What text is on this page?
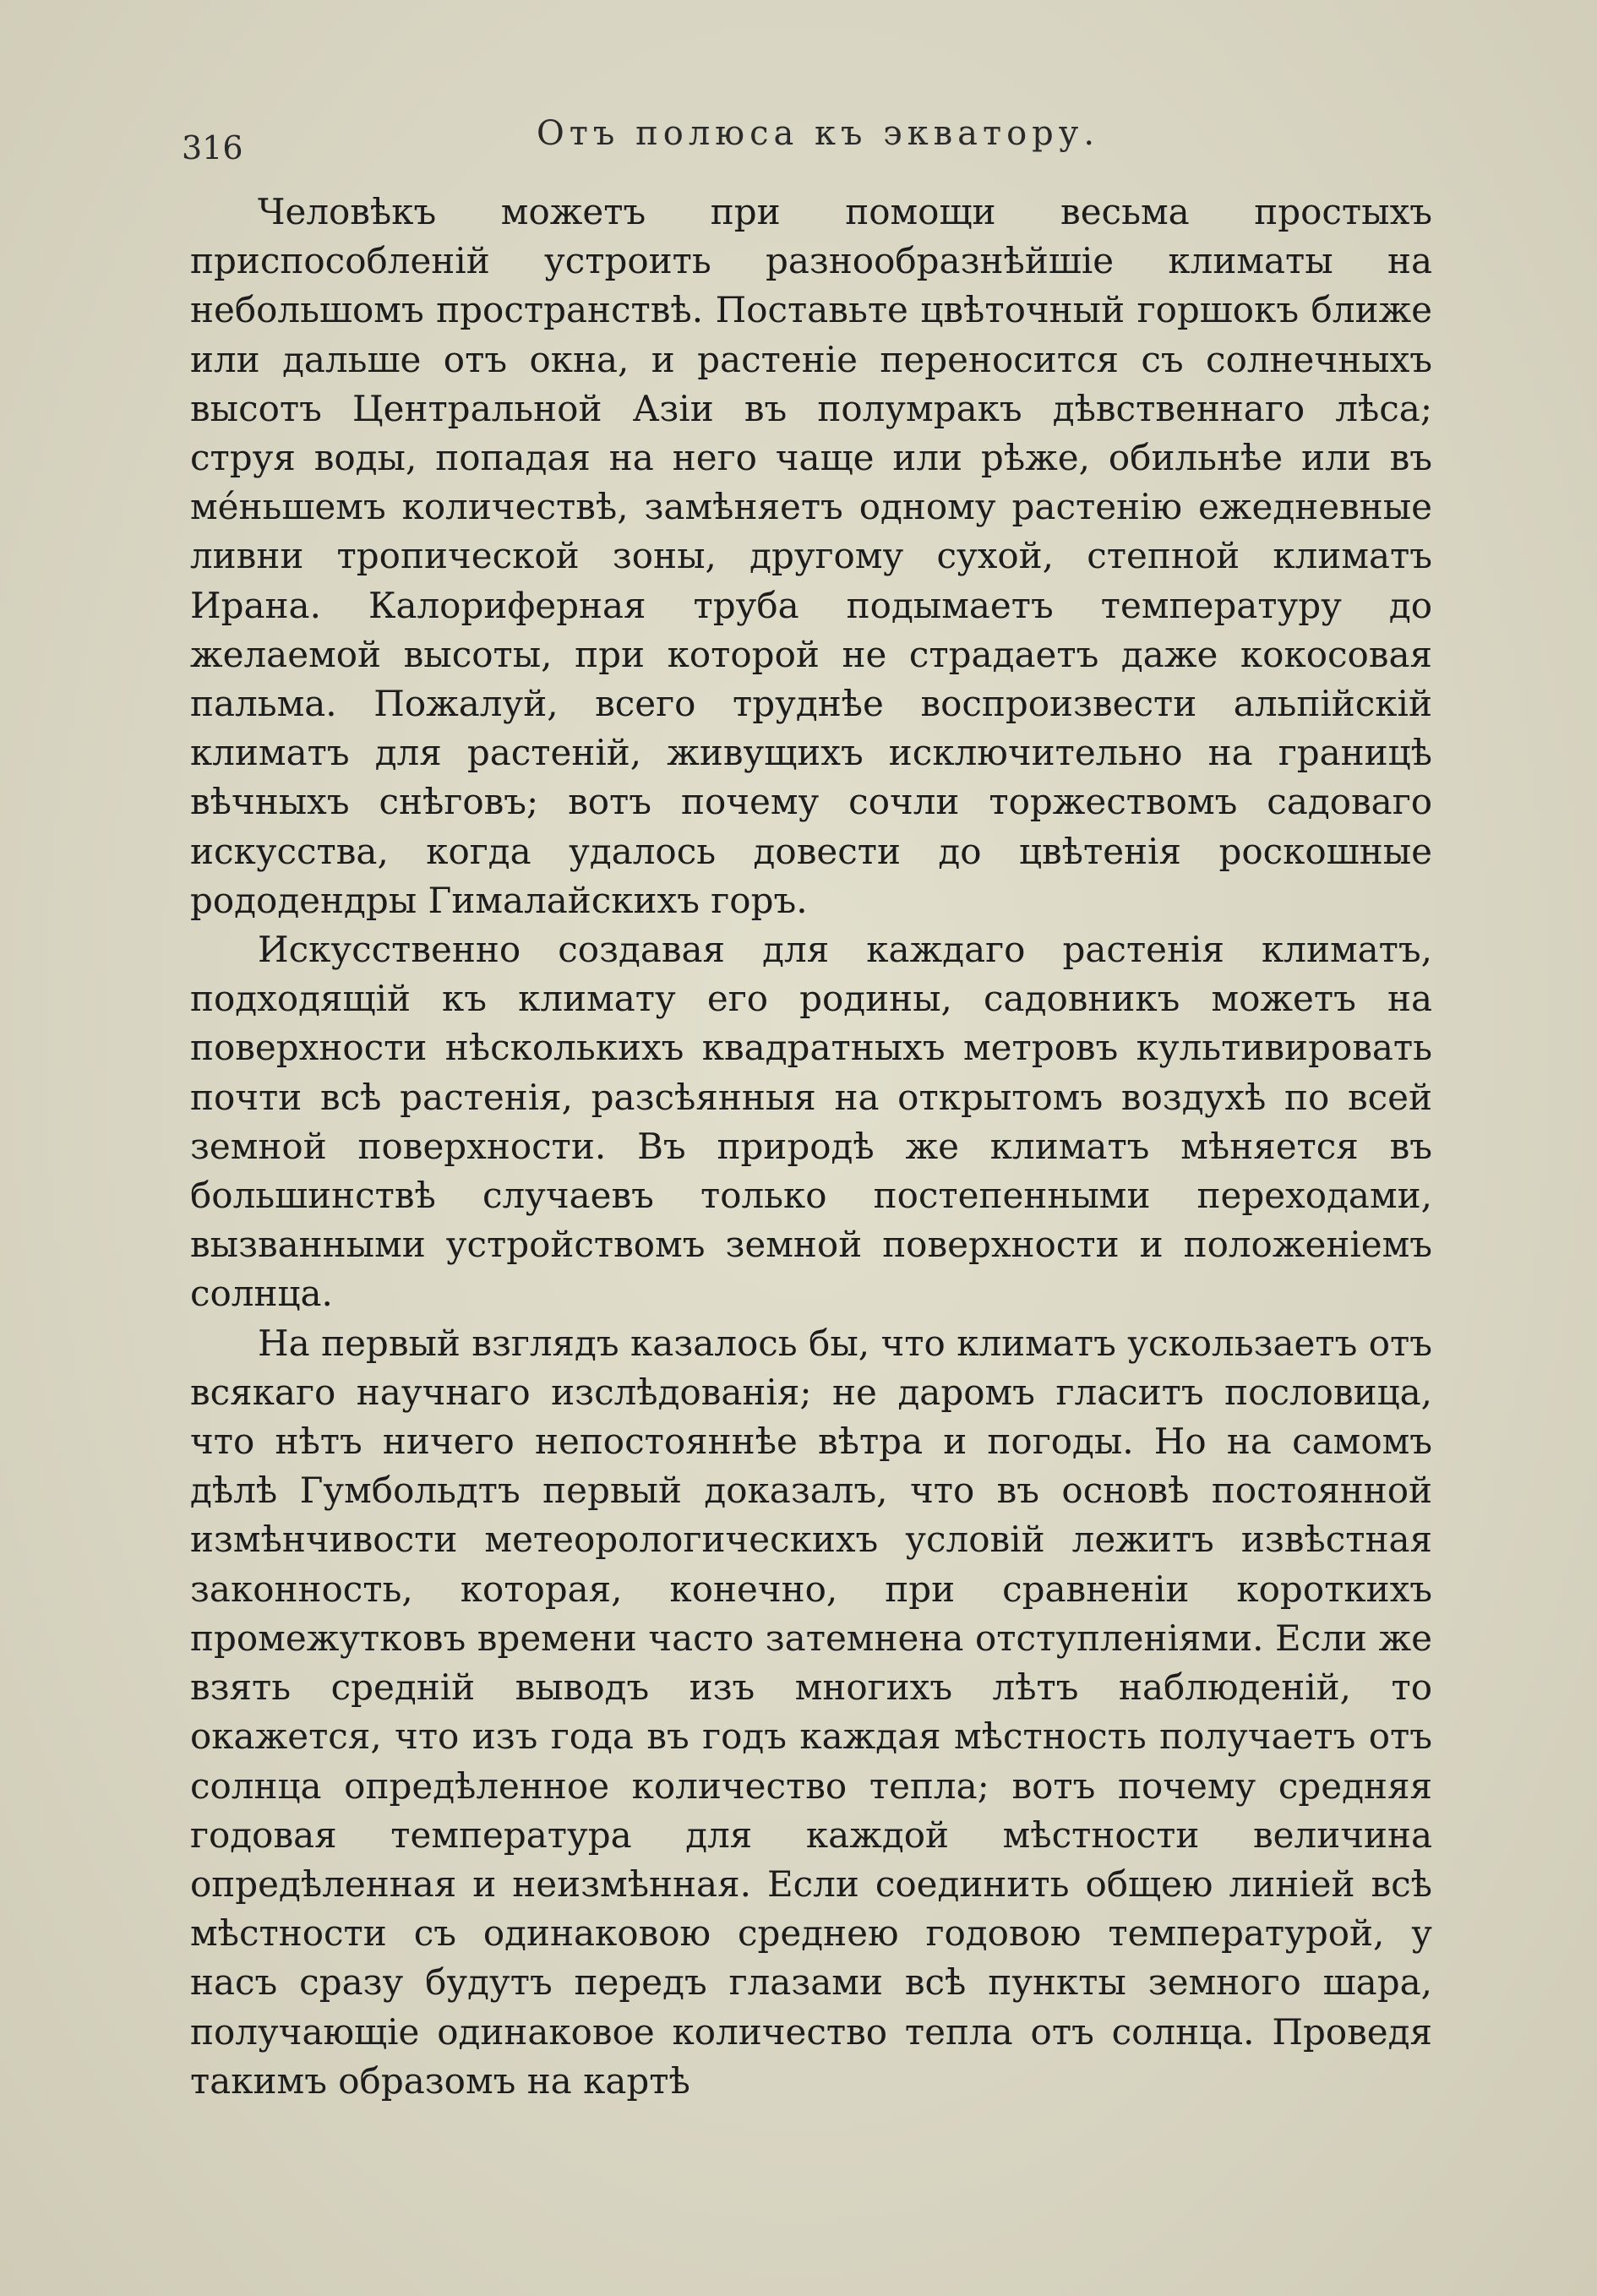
316	Отъ полюса къ экватору.

Человѣкъ можетъ при помощи весьма простыхъ приспособленій устроить разнообразнѣйшіе климаты на небольшомъ пространствѣ. Поставьте цвѣточный горшокъ ближе или дальше отъ окна, и растеніе переносится съ солнечныхъ высотъ Центральной Азіи въ полумракъ дѣвственнаго лѣса; струя воды, попадая на него чаще или рѣже, обильнѣе или въ мéньшемъ количествѣ, замѣняетъ одному растенію ежедневные ливни тропической зоны, другому сухой, степной климатъ Ирана. Калориферная труба подымаетъ температуру до желаемой высоты, при которой не страдаетъ даже кокосовая пальма. Пожалуй, всего труднѣе воспроизвести альпійскій климатъ для растеній, живущихъ исключительно на границѣ вѣчныхъ снѣговъ; вотъ почему сочли торжествомъ садоваго искусства, когда удалось довести до цвѣтенія роскошные рододендры Гималайскихъ горъ.

Искусственно создавая для каждаго растенія климатъ, подходящій къ климату его родины, садовникъ можетъ на поверхности нѣсколькихъ квадратныхъ метровъ культивировать почти всѣ растенія, разсѣянныя на открытомъ воздухѣ по всей земной поверхности. Въ природѣ же климатъ мѣняется въ большинствѣ случаевъ только постепенными переходами, вызванными устройствомъ земной поверхности и положеніемъ солнца.

На первый взглядъ казалось бы, что климатъ ускользаетъ отъ всякаго научнаго изслѣдованія; не даромъ гласитъ пословица, что нѣтъ ничего непостояннѣе вѣтра и погоды. Но на самомъ дѣлѣ Гумбольдтъ первый доказалъ, что въ основѣ постоянной измѣнчивости метеорологическихъ условій лежитъ извѣстная законность, которая, конечно, при сравненіи короткихъ промежутковъ времени часто затемнена отступленіями. Если же взять средній выводъ изъ многихъ лѣтъ наблюденій, то окажется, что изъ года въ годъ каждая мѣстность получаетъ отъ солнца опредѣленное количество тепла; вотъ почему средняя годовая температура для каждой мѣстности величина опредѣленная и неизмѣнная. Если соединить общею линіей всѣ мѣстности съ одинаковою среднею годовою температурой, у насъ сразу будутъ передъ глазами всѣ пункты земного шара, получающіе одинаковое количество тепла отъ солнца. Проведя такимъ образомъ на картѣ
